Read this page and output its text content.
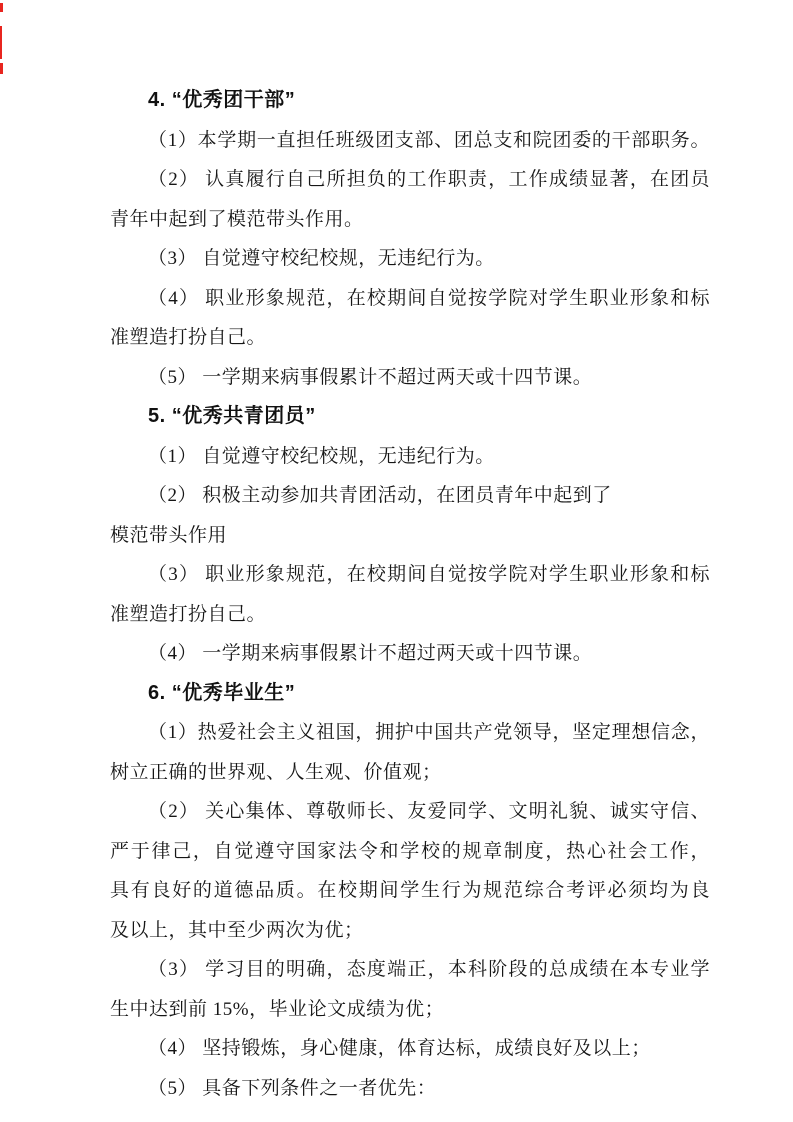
4. “优秀团干部”
（1）本学期一直担任班级团支部、团总支和院团委的干部职务。
（2） 认真履行自己所担负的工作职责，工作成绩显著，在团员
青年中起到了模范带头作用。
（3） 自觉遵守校纪校规，无违纪行为。
（4） 职业形象规范，在校期间自觉按学院对学生职业形象和标
准塑造打扮自己。
（5） 一学期来病事假累计不超过两天或十四节课。
5. “优秀共青团员”
（1） 自觉遵守校纪校规，无违纪行为。
（2） 积极主动参加共青团活动，在团员青年中起到了
模范带头作用
（3） 职业形象规范，在校期间自觉按学院对学生职业形象和标
准塑造打扮自己。
（4） 一学期来病事假累计不超过两天或十四节课。
6. “优秀毕业生”
（1）热爱社会主义祖国，拥护中国共产党领导，坚定理想信念，
树立正确的世界观、人生观、价值观；
（2） 关心集体、尊敬师长、友爱同学、文明礼貌、诚实守信、
严于律己，自觉遵守国家法令和学校的规章制度，热心社会工作，
具有良好的道德品质。在校期间学生行为规范综合考评必须均为良
及以上，其中至少两次为优；
（3） 学习目的明确，态度端正，本科阶段的总成绩在本专业学
生中达到前 15%，毕业论文成绩为优；
（4） 坚持锻炼，身心健康，体育达标，成绩良好及以上；
（5） 具备下列条件之一者优先：
